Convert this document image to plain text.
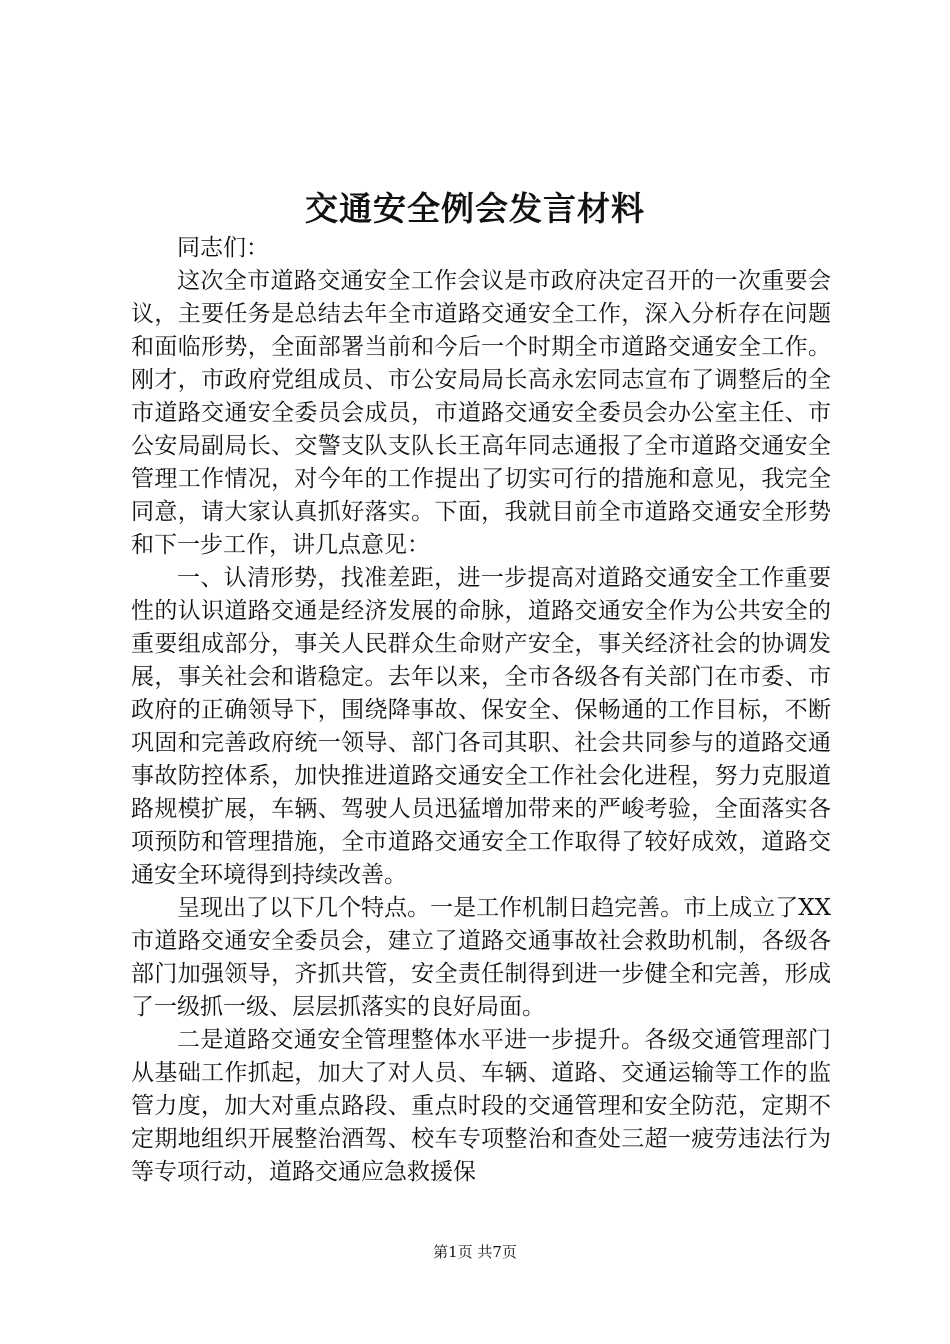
交通安全例会发言材料

同志们：

这次全市道路交通安全工作会议是市政府决定召开的一次重要会议，主要任务是总结去年全市道路交通安全工作，深入分析存在问题和面临形势，全面部署当前和今后一个时期全市道路交通安全工作。刚才，市政府党组成员、市公安局局长高永宏同志宣布了调整后的全市道路交通安全委员会成员，市道路交通安全委员会办公室主任、市公安局副局长、交警支队支队长王高年同志通报了全市道路交通安全管理工作情况，对今年的工作提出了切实可行的措施和意见，我完全同意，请大家认真抓好落实。下面，我就目前全市道路交通安全形势和下一步工作，讲几点意见：

一、认清形势，找准差距，进一步提高对道路交通安全工作重要性的认识道路交通是经济发展的命脉，道路交通安全作为公共安全的重要组成部分，事关人民群众生命财产安全，事关经济社会的协调发展，事关社会和谐稳定。去年以来，全市各级各有关部门在市委、市政府的正确领导下，围绕降事故、保安全、保畅通的工作目标，不断巩固和完善政府统一领导、部门各司其职、社会共同参与的道路交通事故防控体系，加快推进道路交通安全工作社会化进程，努力克服道路规模扩展，车辆、驾驶人员迅猛增加带来的严峻考验，全面落实各项预防和管理措施，全市道路交通安全工作取得了较好成效，道路交通安全环境得到持续改善。

呈现出了以下几个特点。一是工作机制日趋完善。市上成立了XX市道路交通安全委员会，建立了道路交通事故社会救助机制，各级各部门加强领导，齐抓共管，安全责任制得到进一步健全和完善，形成了一级抓一级、层层抓落实的良好局面。

二是道路交通安全管理整体水平进一步提升。各级交通管理部门从基础工作抓起，加大了对人员、车辆、道路、交通运输等工作的监管力度，加大对重点路段、重点时段的交通管理和安全防范，定期不定期地组织开展整治酒驾、校车专项整治和查处三超一疲劳违法行为等专项行动，道路交通应急救援保

第1页 共7页
